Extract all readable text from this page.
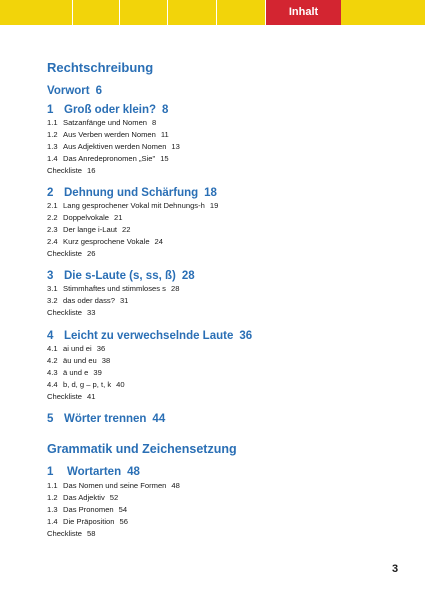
Inhalt
Rechtschreibung
Vorwort 6
1 Groß oder klein? 8
1.1 Satzanfänge und Nomen 8
1.2 Aus Verben werden Nomen 11
1.3 Aus Adjektiven werden Nomen 13
1.4 Das Anredepronomen „Sie" 15
Checkliste 16
2 Dehnung und Schärfung 18
2.1 Lang gesprochener Vokal mit Dehnungs-h 19
2.2 Doppelvokale 21
2.3 Der lange i-Laut 22
2.4 Kurz gesprochene Vokale 24
Checkliste 26
3 Die s-Laute (s, ss, ß) 28
3.1 Stimmhaftes und stimmloses s 28
3.2 das oder dass? 31
Checkliste 33
4 Leicht zu verwechselnde Laute 36
4.1 ai und ei 36
4.2 äu und eu 38
4.3 ä und e 39
4.4 b, d, g – p, t, k 40
Checkliste 41
5 Wörter trennen 44
Grammatik und Zeichensetzung
1 Wortarten 48
1.1 Das Nomen und seine Formen 48
1.2 Das Adjektiv 52
1.3 Das Pronomen 54
1.4 Die Präposition 56
Checkliste 58
3
